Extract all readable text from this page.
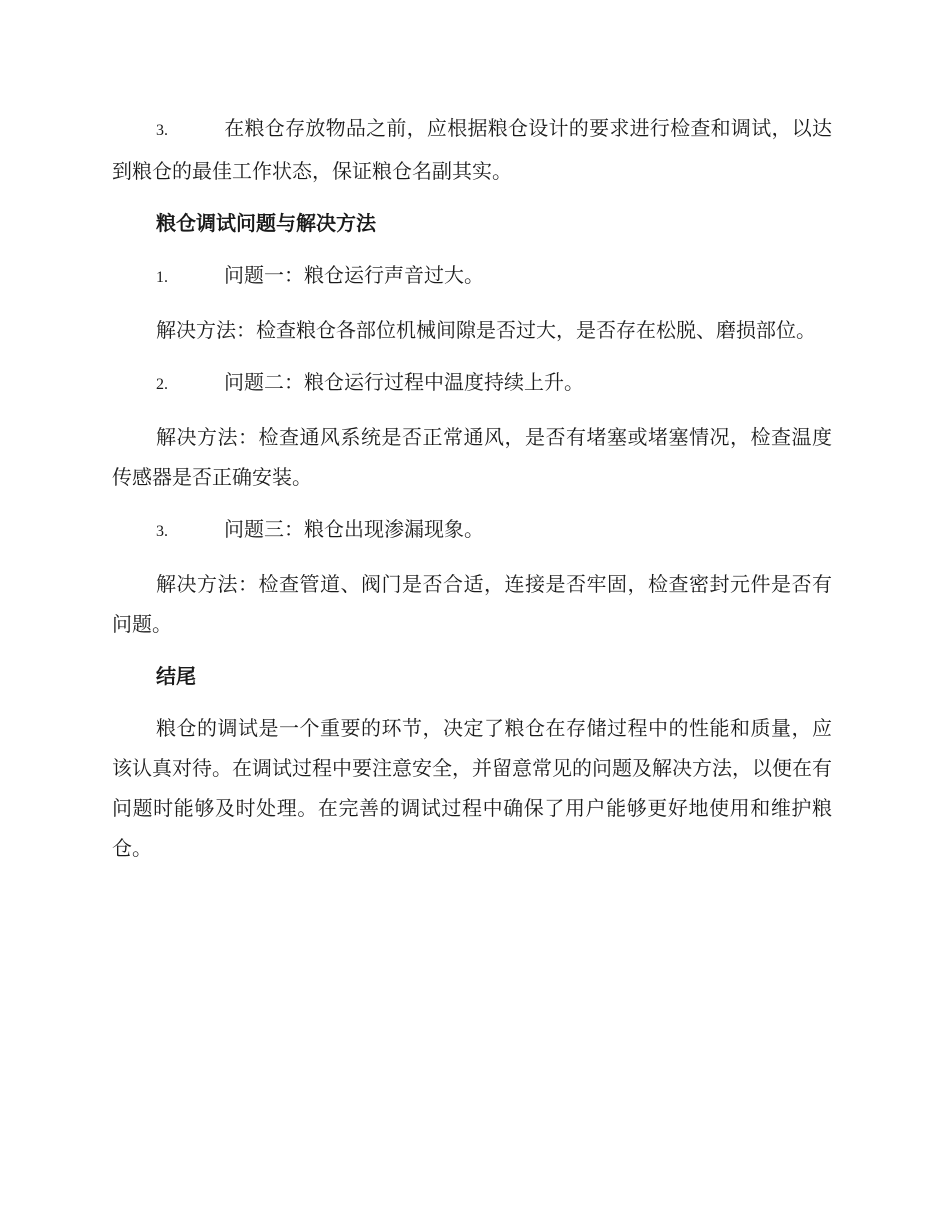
3.	在粮仓存放物品之前，应根据粮仓设计的要求进行检查和调试，以达到粮仓的最佳工作状态，保证粮仓名副其实。

粮仓调试问题与解决方法

1.	问题一：粮仓运行声音过大。

解决方法：检查粮仓各部位机械间隙是否过大，是否存在松脱、磨损部位。

2.	问题二：粮仓运行过程中温度持续上升。

解决方法：检查通风系统是否正常通风，是否有堵塞或堵塞情况，检查温度传感器是否正确安装。

3.	问题三：粮仓出现渗漏现象。

解决方法：检查管道、阀门是否合适，连接是否牢固，检查密封元件是否有问题。

结尾

粮仓的调试是一个重要的环节，决定了粮仓在存储过程中的性能和质量，应该认真对待。在调试过程中要注意安全，并留意常见的问题及解决方法，以便在有问题时能够及时处理。在完善的调试过程中确保了用户能够更好地使用和维护粮仓。
